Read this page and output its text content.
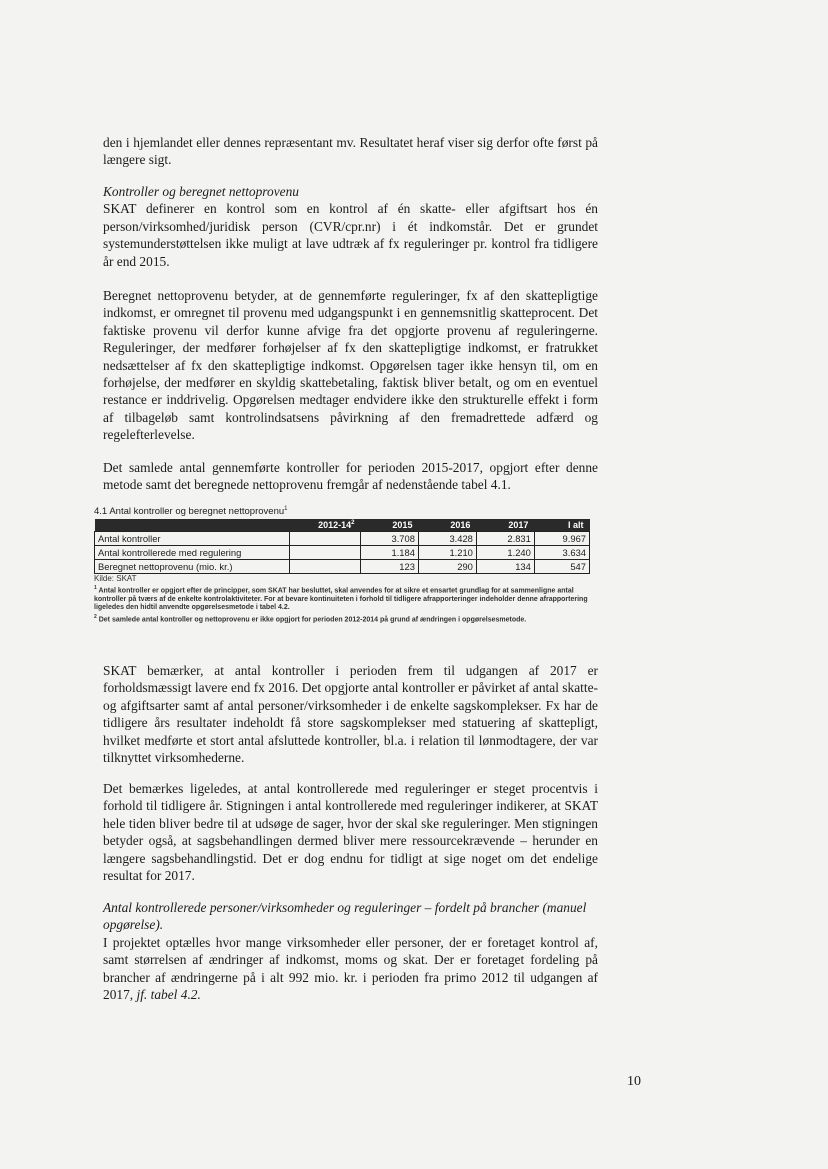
den i hjemlandet eller dennes repræsentant mv. Resultatet heraf viser sig derfor ofte først på længere sigt.

Kontroller og beregnet nettoprovenu

SKAT definerer en kontrol som en kontrol af én skatte- eller afgiftsart hos én person/virksomhed/juridisk person (CVR/cpr.nr) i ét indkomstår. Det er grundet systemunderstøttelsen ikke muligt at lave udtræk af fx reguleringer pr. kontrol fra tidligere år end 2015.

Beregnet nettoprovenu betyder, at de gennemførte reguleringer, fx af den skattepligtige indkomst, er omregnet til provenu med udgangspunkt i en gennemsnitlig skatteprocent. Det faktiske provenu vil derfor kunne afvige fra det opgjorte provenu af reguleringerne. Reguleringer, der medfører forhøjelser af fx den skattepligtige indkomst, er fratrukket nedsættelser af fx den skattepligtige indkomst. Opgørelsen tager ikke hensyn til, om en forhøjelse, der medfører en skyldig skattebetaling, faktisk bliver betalt, og om en eventuel restance er inddrivelig. Opgørelsen medtager endvidere ikke den strukturelle effekt i form af tilbageløb samt kontrolindsatsens påvirkning af den fremadrettede adfærd og regelefterlevelse.

Det samlede antal gennemførte kontroller for perioden 2015-2017, opgjort efter denne metode samt det beregnede nettoprovenu fremgår af nedenstående tabel 4.1.

4.1 Antal kontroller og beregnet nettoprovenu$^1$

	$2012-14^2$	2015	2016	2017	I alt
Antal kontroller		3.708	3.428	2.831	9.967
Antal kontrollerede med regulering		1.184	1.210	1.240	3.634
Beregnet nettoprovenu (mio. kr.)		123	290	134	547
Kilde: SKAT
$^1$ Antal kontroller er opgjort efter de principper, som SKAT har besluttet, skal anvendes for at sikre et ensartet grundlag for at sammenligne antal kontroller på tværs af de enkelte kontrolaktiviteter. For at bevare kontinuiteten i forhold til tidligere afrapporteringer indeholder denne afrapportering ligeledes den hidtil anvendte opgørelsesmetode i tabel 4.2.
$^2$ Det samlede antal kontroller og nettoprovenu er ikke opgjort for perioden 2012-2014 på grund af ændringen i opgørelsesmetode.

SKAT bemærker, at antal kontroller i perioden frem til udgangen af 2017 er forholdsmæssigt lavere end fx 2016. Det opgjorte antal kontroller er påvirket af antal skatte- og afgiftsarter samt af antal personer/virksomheder i de enkelte sagskomplekser. Fx har de tidligere års resultater indeholdt få store sagskomplekser med statuering af skattepligt, hvilket medførte et stort antal afsluttede kontroller, bl.a. i relation til lønmodtagere, der var tilknyttet virksomhederne.

Det bemærkes ligeledes, at antal kontrollerede med reguleringer er steget procentvis i forhold til tidligere år. Stigningen i antal kontrollerede med reguleringer indikerer, at SKAT hele tiden bliver bedre til at udsøge de sager, hvor der skal ske reguleringer. Men stigningen betyder også, at sagsbehandlingen dermed bliver mere ressourcekrævende – herunder en længere sagsbehandlingstid. Det er dog endnu for tidligt at sige noget om det endelige resultat for 2017.

Antal kontrollerede personer/virksomheder og reguleringer – fordelt på brancher (manuel opgørelse).

I projektet optælles hvor mange virksomheder eller personer, der er foretaget kontrol af, samt størrelsen af ændringer af indkomst, moms og skat. Der er foretaget fordeling på brancher af ændringerne på i alt 992 mio. kr. i perioden fra primo 2012 til udgangen af 2017, jf. tabel 4.2.

10
